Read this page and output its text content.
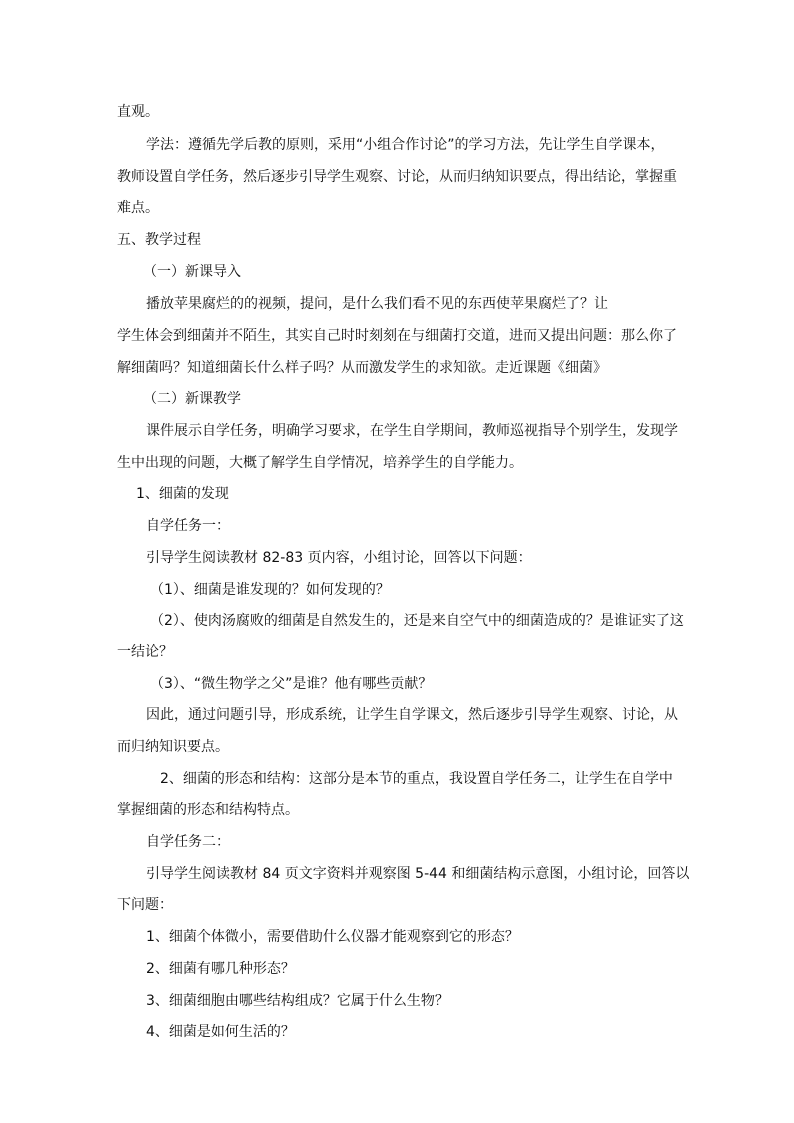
直观。
学法：遵循先学后教的原则，采用“小组合作讨论”的学习方法，先让学生自学课本，
教师设置自学任务，然后逐步引导学生观察、讨论，从而归纳知识要点，得出结论，掌握重
难点。
五、教学过程
（一）新课导入
播放苹果腐烂的的视频，提问，是什么我们看不见的东西使苹果腐烂了？让
学生体会到细菌并不陌生，其实自己时时刻刻在与细菌打交道，进而又提出问题：那么你了
解细菌吗？知道细菌长什么样子吗？从而激发学生的求知欲。走近课题《细菌》
（二）新课教学
课件展示自学任务，明确学习要求，在学生自学期间，教师巡视指导个别学生，发现学
生中出现的问题，大概了解学生自学情况，培养学生的自学能力。
1、细菌的发现
自学任务一：
引导学生阅读教材 82-83 页内容，小组讨论，回答以下问题：
（1）、细菌是谁发现的？如何发现的？
（2）、使肉汤腐败的细菌是自然发生的，还是来自空气中的细菌造成的？是谁证实了这
一结论？
（3）、“微生物学之父”是谁？他有哪些贡献？
因此，通过问题引导，形成系统，让学生自学课文，然后逐步引导学生观察、讨论，从
而归纳知识要点。
2、细菌的形态和结构：这部分是本节的重点，我设置自学任务二，让学生在自学中
掌握细菌的形态和结构特点。
自学任务二：
引导学生阅读教材 84 页文字资料并观察图 5-44 和细菌结构示意图，小组讨论，回答以
下问题：
1、细菌个体微小，需要借助什么仪器才能观察到它的形态？
2、细菌有哪几种形态？
3、细菌细胞由哪些结构组成？它属于什么生物？
4、细菌是如何生活的？
